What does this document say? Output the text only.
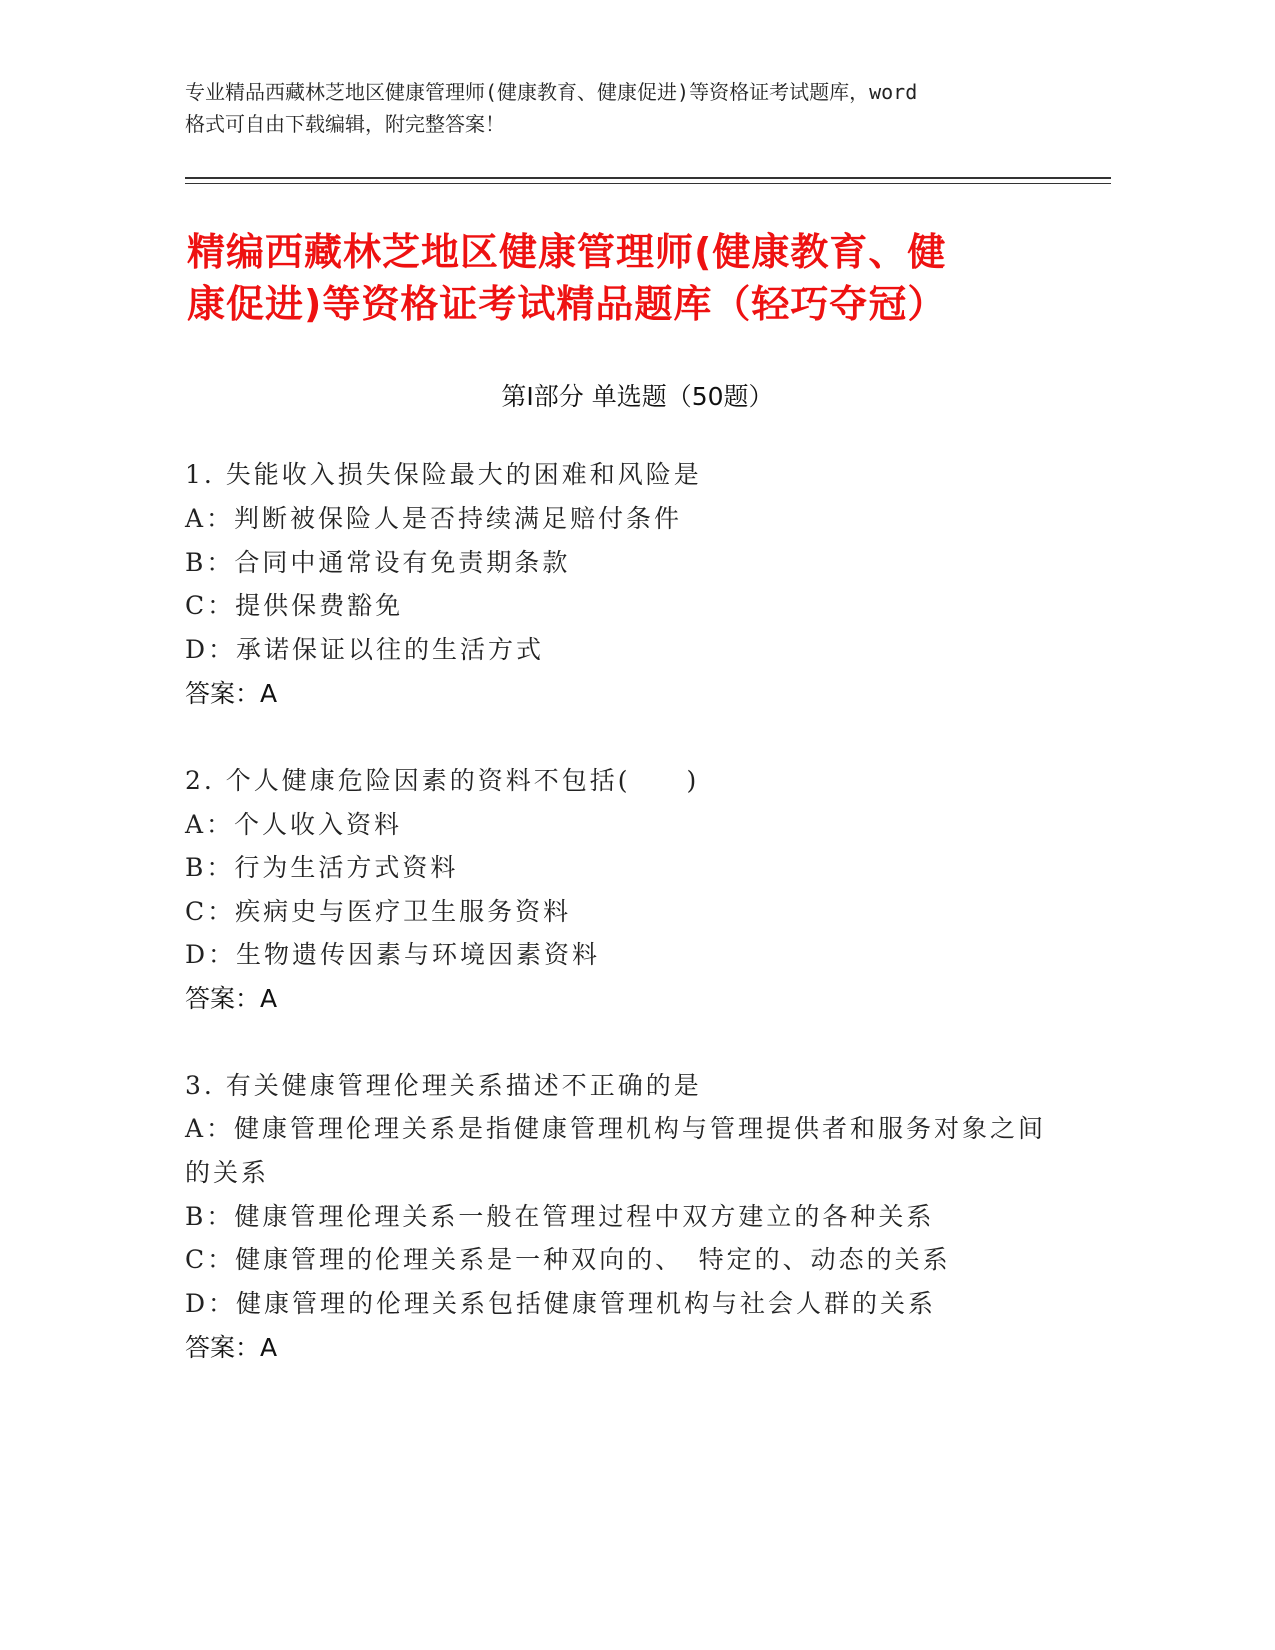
专业精品西藏林芝地区健康管理师(健康教育、健康促进)等资格证考试题库，word
格式可自由下载编辑，附完整答案！
精编西藏林芝地区健康管理师(健康教育、健
康促进)等资格证考试精品题库（轻巧夺冠）
第Ⅰ部分 单选题（50题）
1. 失能收入损失保险最大的困难和风险是
A：判断被保险人是否持续满足赔付条件
B：合同中通常设有免责期条款
C：提供保费豁免
D：承诺保证以往的生活方式
答案：A
2. 个人健康危险因素的资料不包括(　　)
A：个人收入资料
B：行为生活方式资料
C：疾病史与医疗卫生服务资料
D：生物遗传因素与环境因素资料
答案：A
3. 有关健康管理伦理关系描述不正确的是
A：健康管理伦理关系是指健康管理机构与管理提供者和服务对象之间
的关系
B：健康管理伦理关系一般在管理过程中双方建立的各种关系
C：健康管理的伦理关系是一种双向的、　特定的、动态的关系
D：健康管理的伦理关系包括健康管理机构与社会人群的关系
答案：A
